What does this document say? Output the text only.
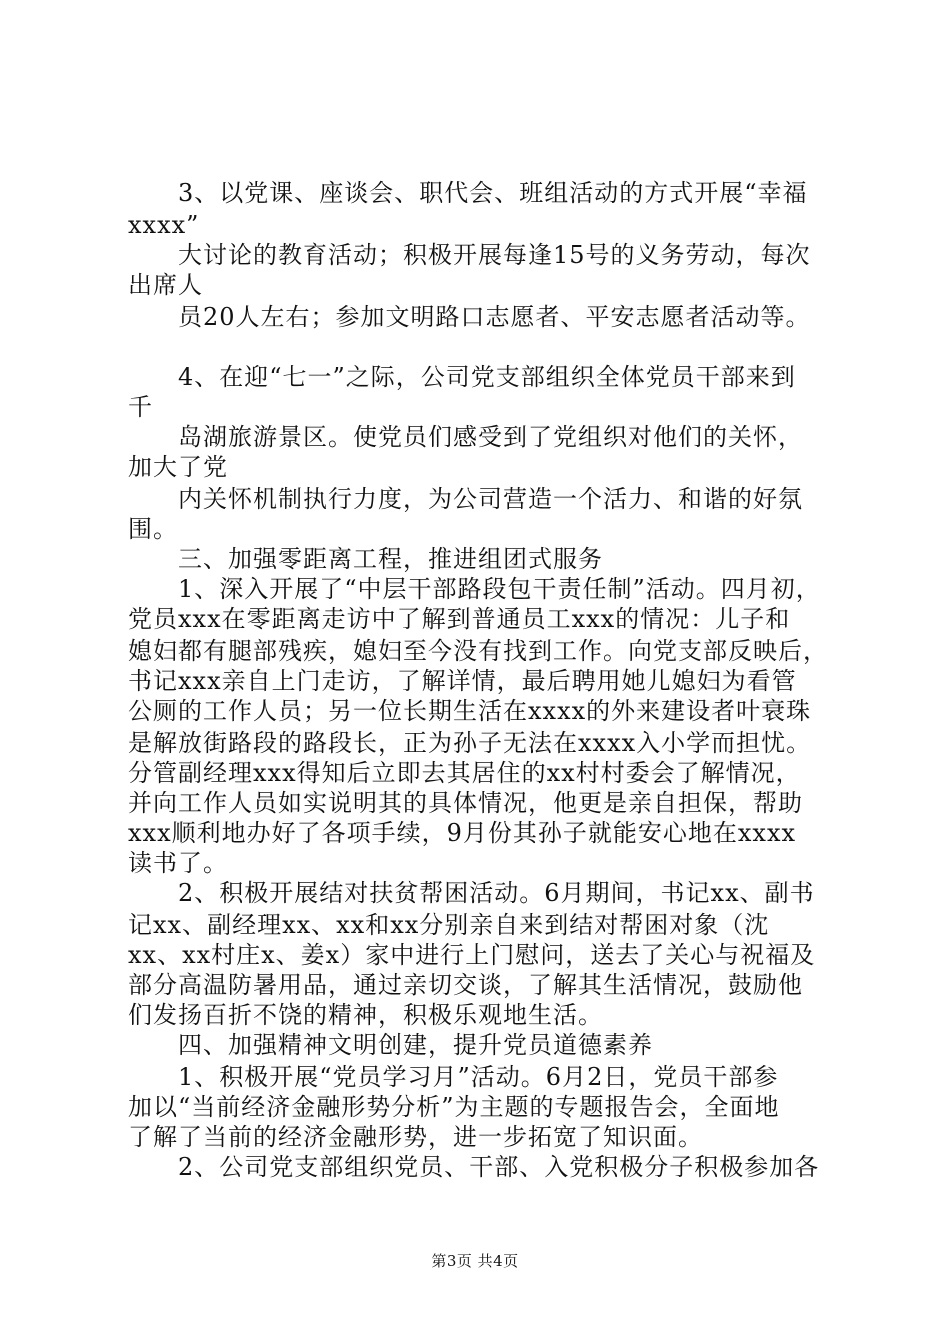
3、以党课、座谈会、职代会、班组活动的方式开展“幸福
xxxx”
大讨论的教育活动；积极开展每逢15号的义务劳动，每次
出席人
员20人左右；参加文明路口志愿者、平安志愿者活动等。
4、在迎“七一”之际，公司党支部组织全体党员干部来到
千
岛湖旅游景区。使党员们感受到了党组织对他们的关怀，
加大了党
内关怀机制执行力度，为公司营造一个活力、和谐的好氛
围。
三、加强零距离工程，推进组团式服务
1、深入开展了“中层干部路段包干责任制”活动。四月初，
党员xxx在零距离走访中了解到普通员工xxx的情况：儿子和
媳妇都有腿部残疾，媳妇至今没有找到工作。向党支部反映后，
书记xxx亲自上门走访，了解详情，最后聘用她儿媳妇为看管
公厕的工作人员；另一位长期生活在xxxx的外来建设者叶衰珠
是解放街路段的路段长，正为孙子无法在xxxx入小学而担忧。
分管副经理xxx得知后立即去其居住的xx村村委会了解情况，
并向工作人员如实说明其的具体情况，他更是亲自担保，帮助
xxx顺利地办好了各项手续，9月份其孙子就能安心地在xxxx
读书了。
2、积极开展结对扶贫帮困活动。6月期间，书记xx、副书
记xx、副经理xx、xx和xx分别亲自来到结对帮困对象（沈
xx、xx村庄x、姜x）家中进行上门慰问，送去了关心与祝福及
部分高温防暑用品，通过亲切交谈，了解其生活情况，鼓励他
们发扬百折不饶的精神，积极乐观地生活。
四、加强精神文明创建，提升党员道德素养
1、积极开展“党员学习月”活动。6月2日，党员干部参
加以“当前经济金融形势分析”为主题的专题报告会，全面地
了解了当前的经济金融形势，进一步拓宽了知识面。
2、公司党支部组织党员、干部、入党积极分子积极参加各
第3页 共4页
